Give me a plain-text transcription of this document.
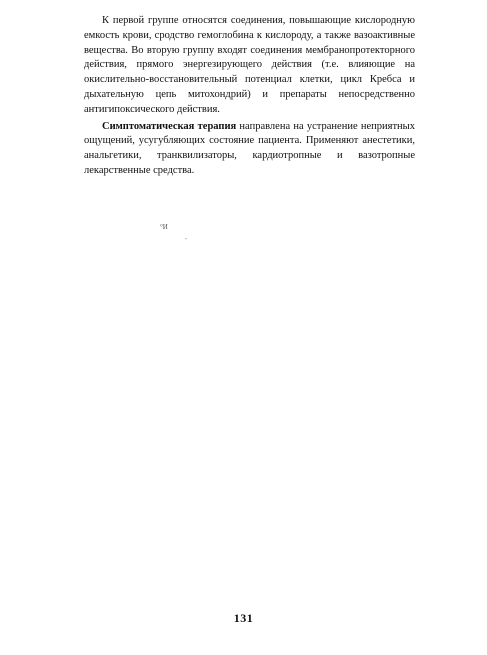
К первой группе относятся соединения, повышающие кислородную емкость крови, сродство гемоглобина к кислороду, а также вазоактивные вещества. Во вторую группу входят соединения мембранопротекторного действия, прямого энергезирующего действия (т.е. влияющие на окислительно-восстановительный потенциал клетки, цикл Кребса и дыхательную цепь митохондрий) и препараты непосредственно антигипоксического действия.

Симптоматическая терапия направлена на устранение неприятных ощущений, усугубляющих состояние пациента. Применяют анестетики, анальгетики, транквилизаторы, кардиотропные и вазотропные лекарственные средства.

°И
¨
131
